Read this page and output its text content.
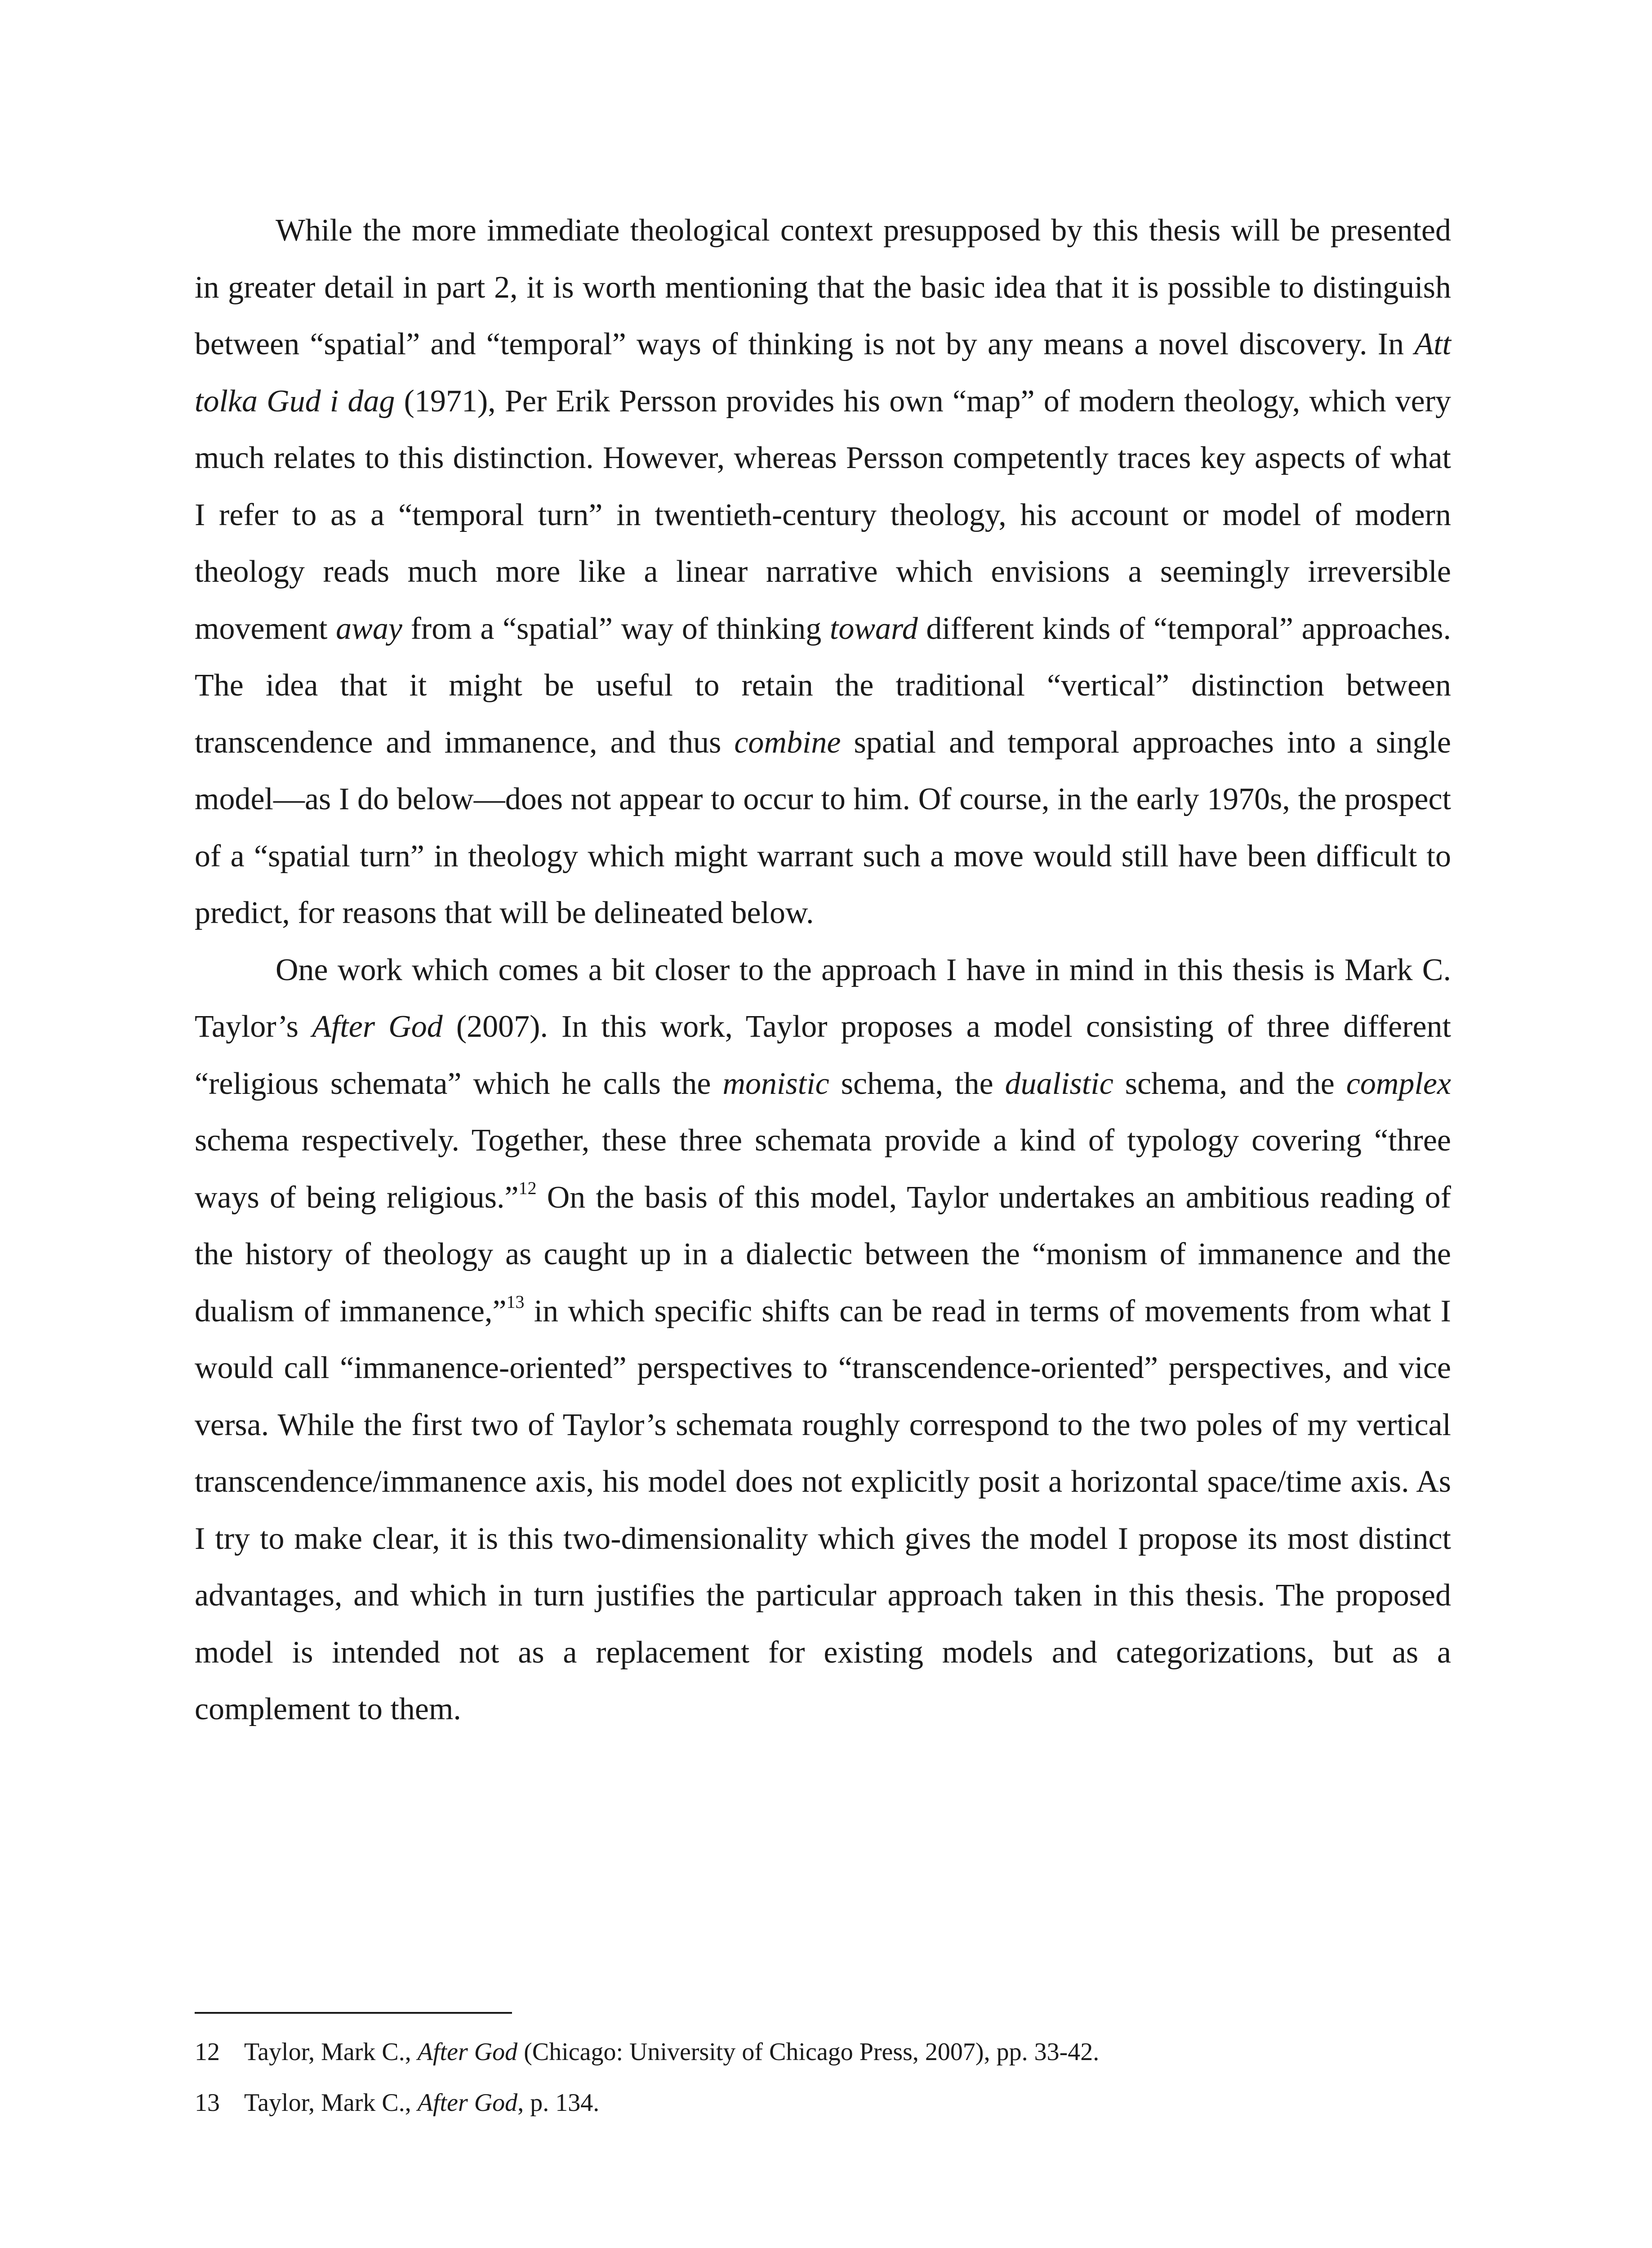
While the more immediate theological context presupposed by this thesis will be presented in greater detail in part 2, it is worth mentioning that the basic idea that it is possible to distinguish between “spatial” and “temporal” ways of thinking is not by any means a novel discovery. In Att tolka Gud i dag (1971), Per Erik Persson provides his own “map” of modern theology, which very much relates to this distinction. However, whereas Persson competently traces key aspects of what I refer to as a “temporal turn” in twentieth-century theology, his account or model of modern theology reads much more like a linear narrative which envisions a seemingly irreversible movement away from a “spatial” way of thinking toward different kinds of “temporal” approaches. The idea that it might be useful to retain the traditional “vertical” distinction between transcendence and immanence, and thus combine spatial and temporal approaches into a single model—as I do below—does not appear to occur to him. Of course, in the early 1970s, the prospect of a “spatial turn” in theology which might warrant such a move would still have been difficult to predict, for reasons that will be delineated below.

One work which comes a bit closer to the approach I have in mind in this thesis is Mark C. Taylor’s After God (2007). In this work, Taylor proposes a model consisting of three different “religious schemata” which he calls the monistic schema, the dualistic schema, and the complex schema respectively. Together, these three schemata provide a kind of typology covering “three ways of being religious.”$^{12}$ On the basis of this model, Taylor undertakes an ambitious reading of the history of theology as caught up in a dialectic between the “monism of immanence and the dualism of immanence,”$^{13}$ in which specific shifts can be read in terms of movements from what I would call “immanence-oriented” perspectives to “transcendence-oriented” perspectives, and vice versa. While the first two of Taylor’s schemata roughly correspond to the two poles of my vertical transcendence/immanence axis, his model does not explicitly posit a horizontal space/time axis. As I try to make clear, it is this two-dimensionality which gives the model I propose its most distinct advantages, and which in turn justifies the particular approach taken in this thesis. The proposed model is intended not as a replacement for existing models and categorizations, but as a complement to them.

12 Taylor, Mark C., After God (Chicago: University of Chicago Press, 2007), pp. 33-42.
13 Taylor, Mark C., After God, p. 134.
